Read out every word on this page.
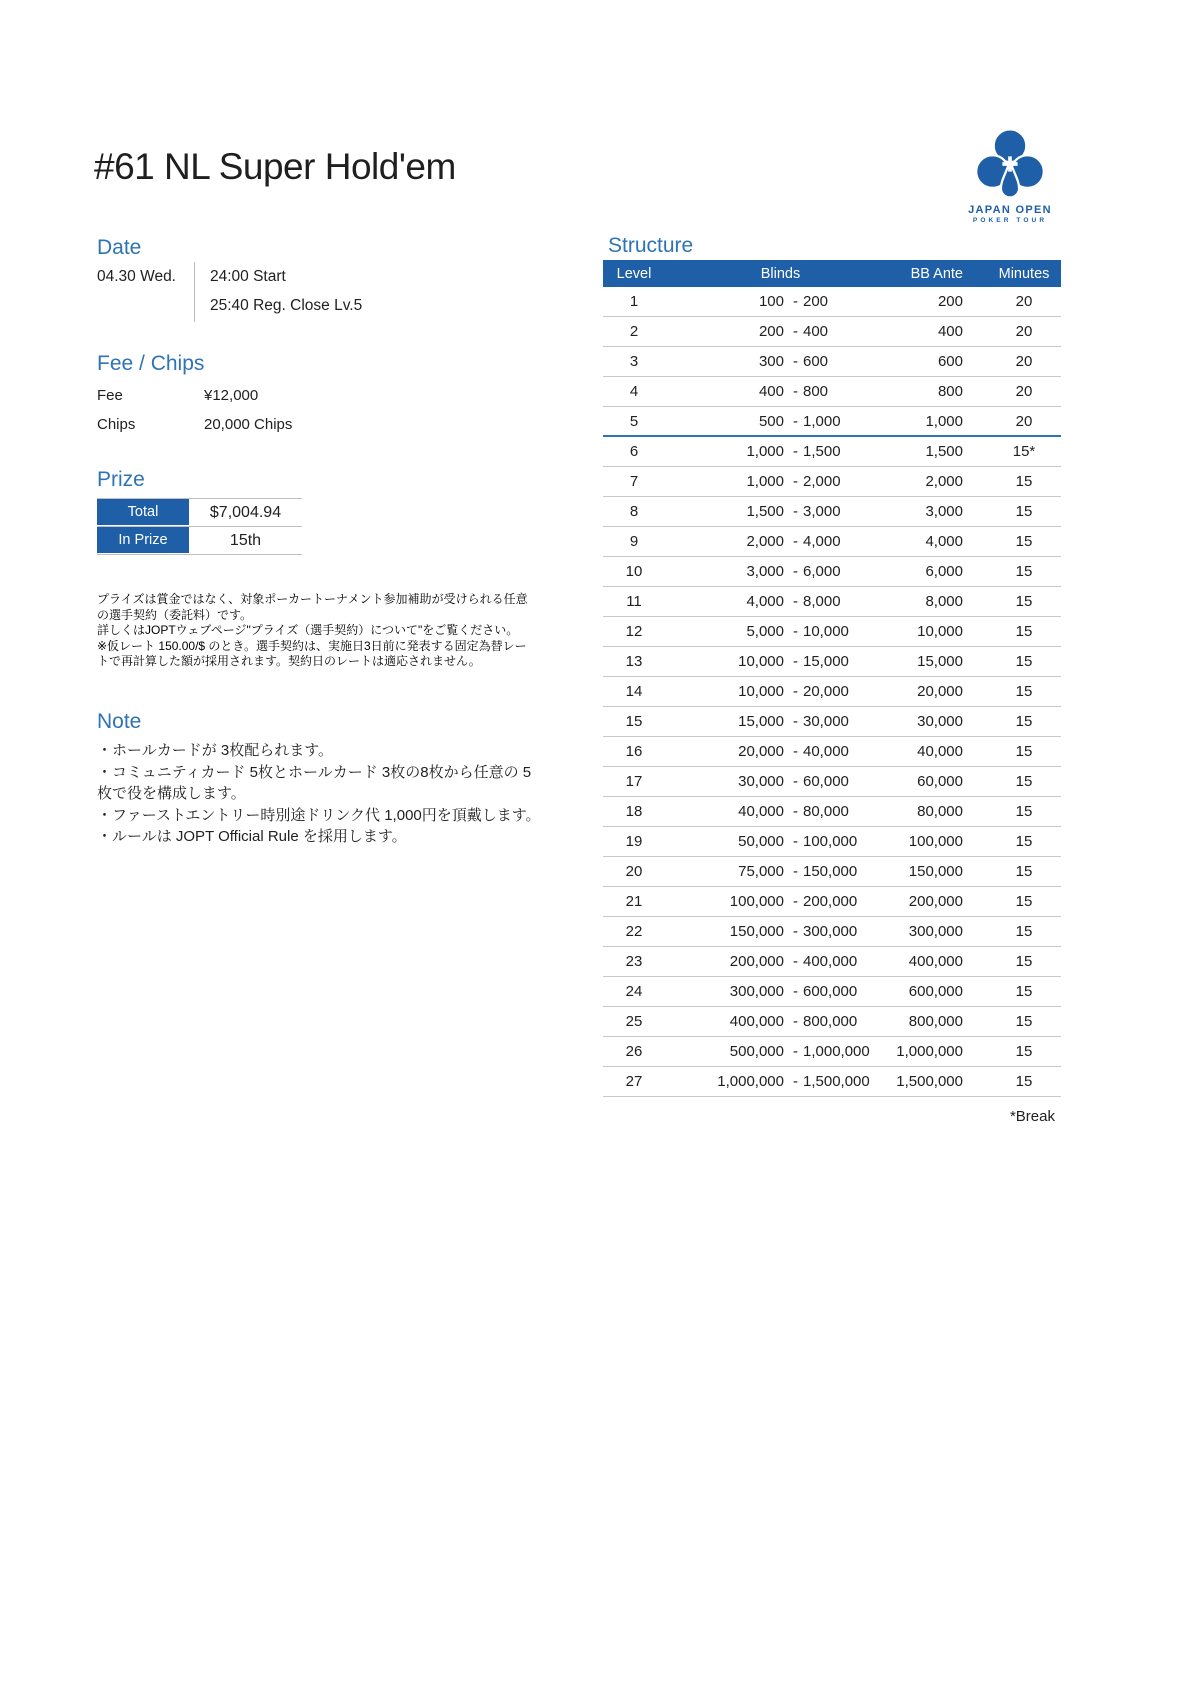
#61 NL Super Hold'em
JAPAN OPEN
POKER TOUR
Date
04.30 Wed.	24:00 Start
25:40 Reg. Close Lv.5
Fee / Chips
Fee	¥12,000
Chips	20,000 Chips
Prize
Total	$7,004.94
In Prize	15th

プライズは賞金ではなく、対象ポーカートーナメント参加補助が受けられる任意の選手契約（委託料）です。

詳しくはJOPTウェブページ"プライズ（選手契約）について"をご覧ください。

※仮レート 150.00/$ のとき。選手契約は、実施日3日前に発表する固定為替レートで再計算した額が採用されます。契約日のレートは適応されません。

Note
・ホールカードが 3枚配られます。
・コミュニティカード 5枚とホールカード 3枚の8枚から任意の 5枚で役を構成します。
・ファーストエントリー時別途ドリンク代 1,000円を頂戴します。
・ルールは JOPT Official Rule を採用します。
Structure
Level	Blinds	BB Ante	Minutes
1	100 - 200	200	20
2	200 - 400	400	20
3	300 - 600	600	20
4	400 - 800	800	20
5	500 - 1,000	1,000	20
6	1,000 - 1,500	1,500	15*
7	1,000 - 2,000	2,000	15
8	1,500 - 3,000	3,000	15
9	2,000 - 4,000	4,000	15
10	3,000 - 6,000	6,000	15
11	4,000 - 8,000	8,000	15
12	5,000 - 10,000	10,000	15
13	10,000 - 15,000	15,000	15
14	10,000 - 20,000	20,000	15
15	15,000 - 30,000	30,000	15
16	20,000 - 40,000	40,000	15
17	30,000 - 60,000	60,000	15
18	40,000 - 80,000	80,000	15
19	50,000 - 100,000	100,000	15
20	75,000 - 150,000	150,000	15
21	100,000 - 200,000	200,000	15
22	150,000 - 300,000	300,000	15
23	200,000 - 400,000	400,000	15
24	300,000 - 600,000	600,000	15
25	400,000 - 800,000	800,000	15
26	500,000 - 1,000,000	1,000,000	15
27	1,000,000 - 1,500,000	1,500,000	15
*Break
